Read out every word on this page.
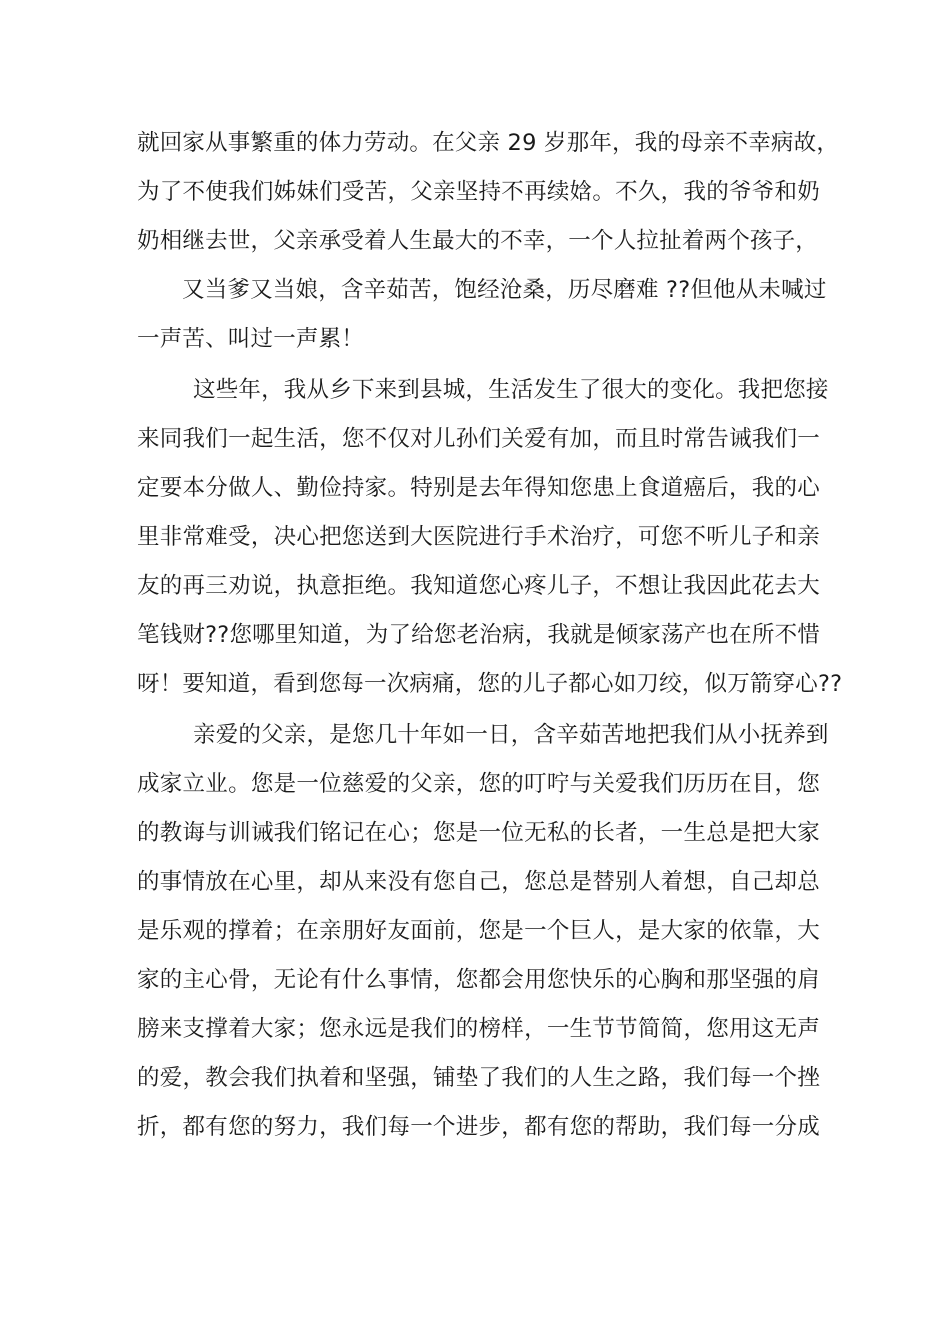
就回家从事繁重的体力劳动。在父亲 29 岁那年，我的母亲不幸病故，
为了不使我们姊妹们受苦，父亲坚持不再续娢。不久，我的爷爷和奶
奶相继去世，父亲承受着人生最大的不幸，一个人拉扯着两个孩子，
又当爹又当娘，含辛茹苦，饱经沧桑，历尽磨难 ??但他从未喊过
一声苦、叫过一声累！
这些年，我从乡下来到县城，生活发生了很大的变化。我把您接
来同我们一起生活，您不仅对儿孙们关爱有加，而且时常告诫我们一
定要本分做人、勤俭持家。特别是去年得知您患上食道癌后，我的心
里非常难受，决心把您送到大医院进行手术治疗，可您不听儿子和亲
友的再三劝说，执意拒绝。我知道您心疼儿子，不想让我因此花去大
笔钱财??您哪里知道，为了给您老治病，我就是倾家荡产也在所不惜
呀！要知道，看到您每一次病痛，您的儿子都心如刀绞，似万箭穿心??
亲爱的父亲，是您几十年如一日，含辛茹苦地把我们从小抚养到
成家立业。您是一位慈爱的父亲，您的叮咛与关爱我们历历在目，您
的教诲与训诫我们铭记在心；您是一位无私的长者，一生总是把大家
的事情放在心里，却从来没有您自己，您总是替别人着想，自己却总
是乐观的撑着；在亲朋好友面前，您是一个巨人，是大家的依靠，大
家的主心骨，无论有什么事情，您都会用您快乐的心胸和那坚强的肩
膀来支撑着大家；您永远是我们的榜样，一生节节简简，您用这无声
的爱，教会我们执着和坚强，铺垫了我们的人生之路，我们每一个挫
折，都有您的努力，我们每一个进步，都有您的帮助，我们每一分成
